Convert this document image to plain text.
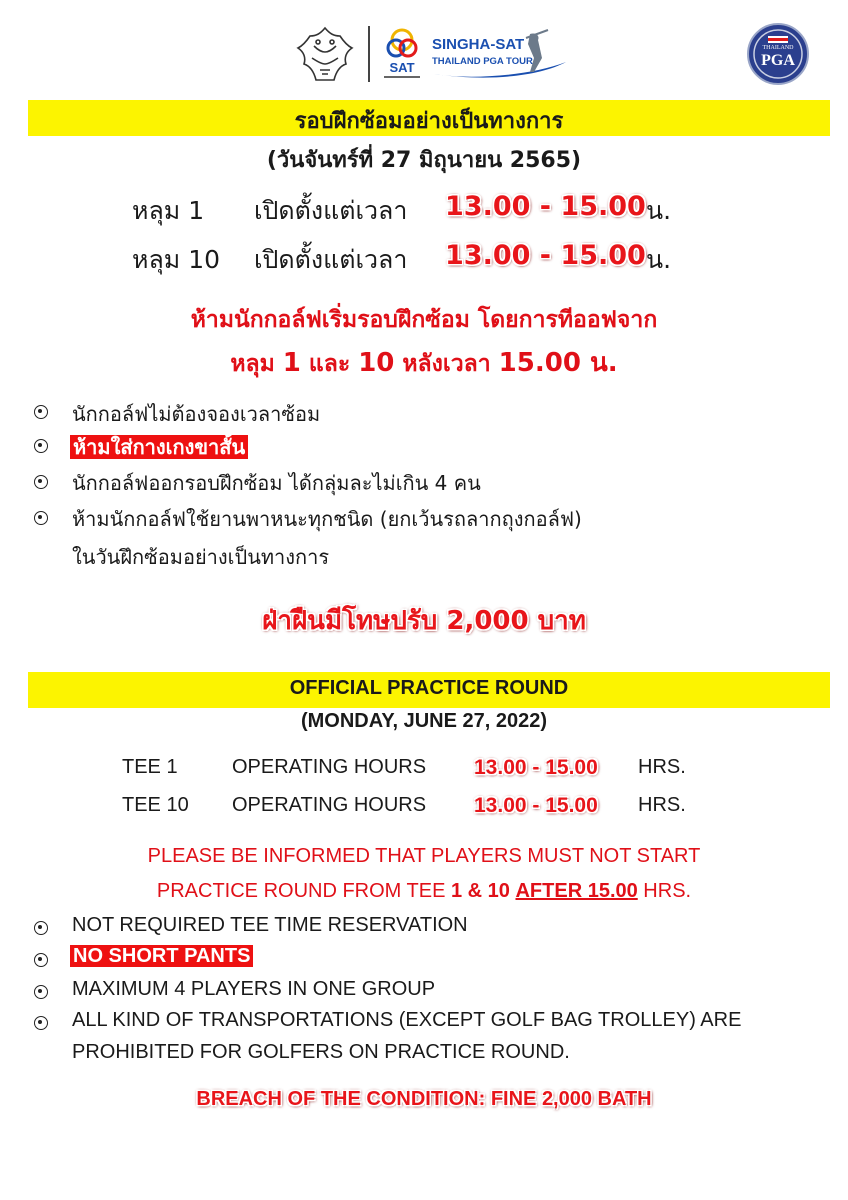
SAT
SINGHA-SAT
THAILAND PGA TOUR
THAILAND
PGA
รอบฝึกซ้อมอย่างเป็นทางการ
(วันจันทร์ที่ 27 มิถุนายน 2565)
หลุม 1 เปิดตั้งแต่เวลา 13.00 - 15.00 น.
หลุม 10 เปิดตั้งแต่เวลา 13.00 - 15.00 น.
ห้ามนักกอล์ฟเริ่มรอบฝึกซ้อม โดยการทีออฟจาก
หลุม 1 และ 10 หลังเวลา 15.00 น.
นักกอล์ฟไม่ต้องจองเวลาซ้อม
ห้ามใส่กางเกงขาสั้น
นักกอล์ฟออกรอบฝึกซ้อม ได้กลุ่มละไม่เกิน 4 คน
ห้ามนักกอล์ฟใช้ยานพาหนะทุกชนิด (ยกเว้นรถลากถุงกอล์ฟ)
ในวันฝึกซ้อมอย่างเป็นทางการ
ฝ่าฝืนมีโทษปรับ 2,000 บาท
OFFICIAL PRACTICE ROUND
(MONDAY, JUNE 27, 2022)
TEE 1	OPERATING HOURS 13.00 - 15.00 HRS.
TEE 10 OPERATING HOURS 13.00 - 15.00 HRS.
PLEASE BE INFORMED THAT PLAYERS MUST NOT START
PRACTICE ROUND FROM TEE 1 & 10 AFTER 15.00 HRS.
NOT REQUIRED TEE TIME RESERVATION
NO SHORT PANTS
MAXIMUM 4 PLAYERS IN ONE GROUP
ALL KIND OF TRANSPORTATIONS (EXCEPT GOLF BAG TROLLEY) ARE
PROHIBITED FOR GOLFERS ON PRACTICE ROUND.
BREACH OF THE CONDITION: FINE 2,000 BATH
